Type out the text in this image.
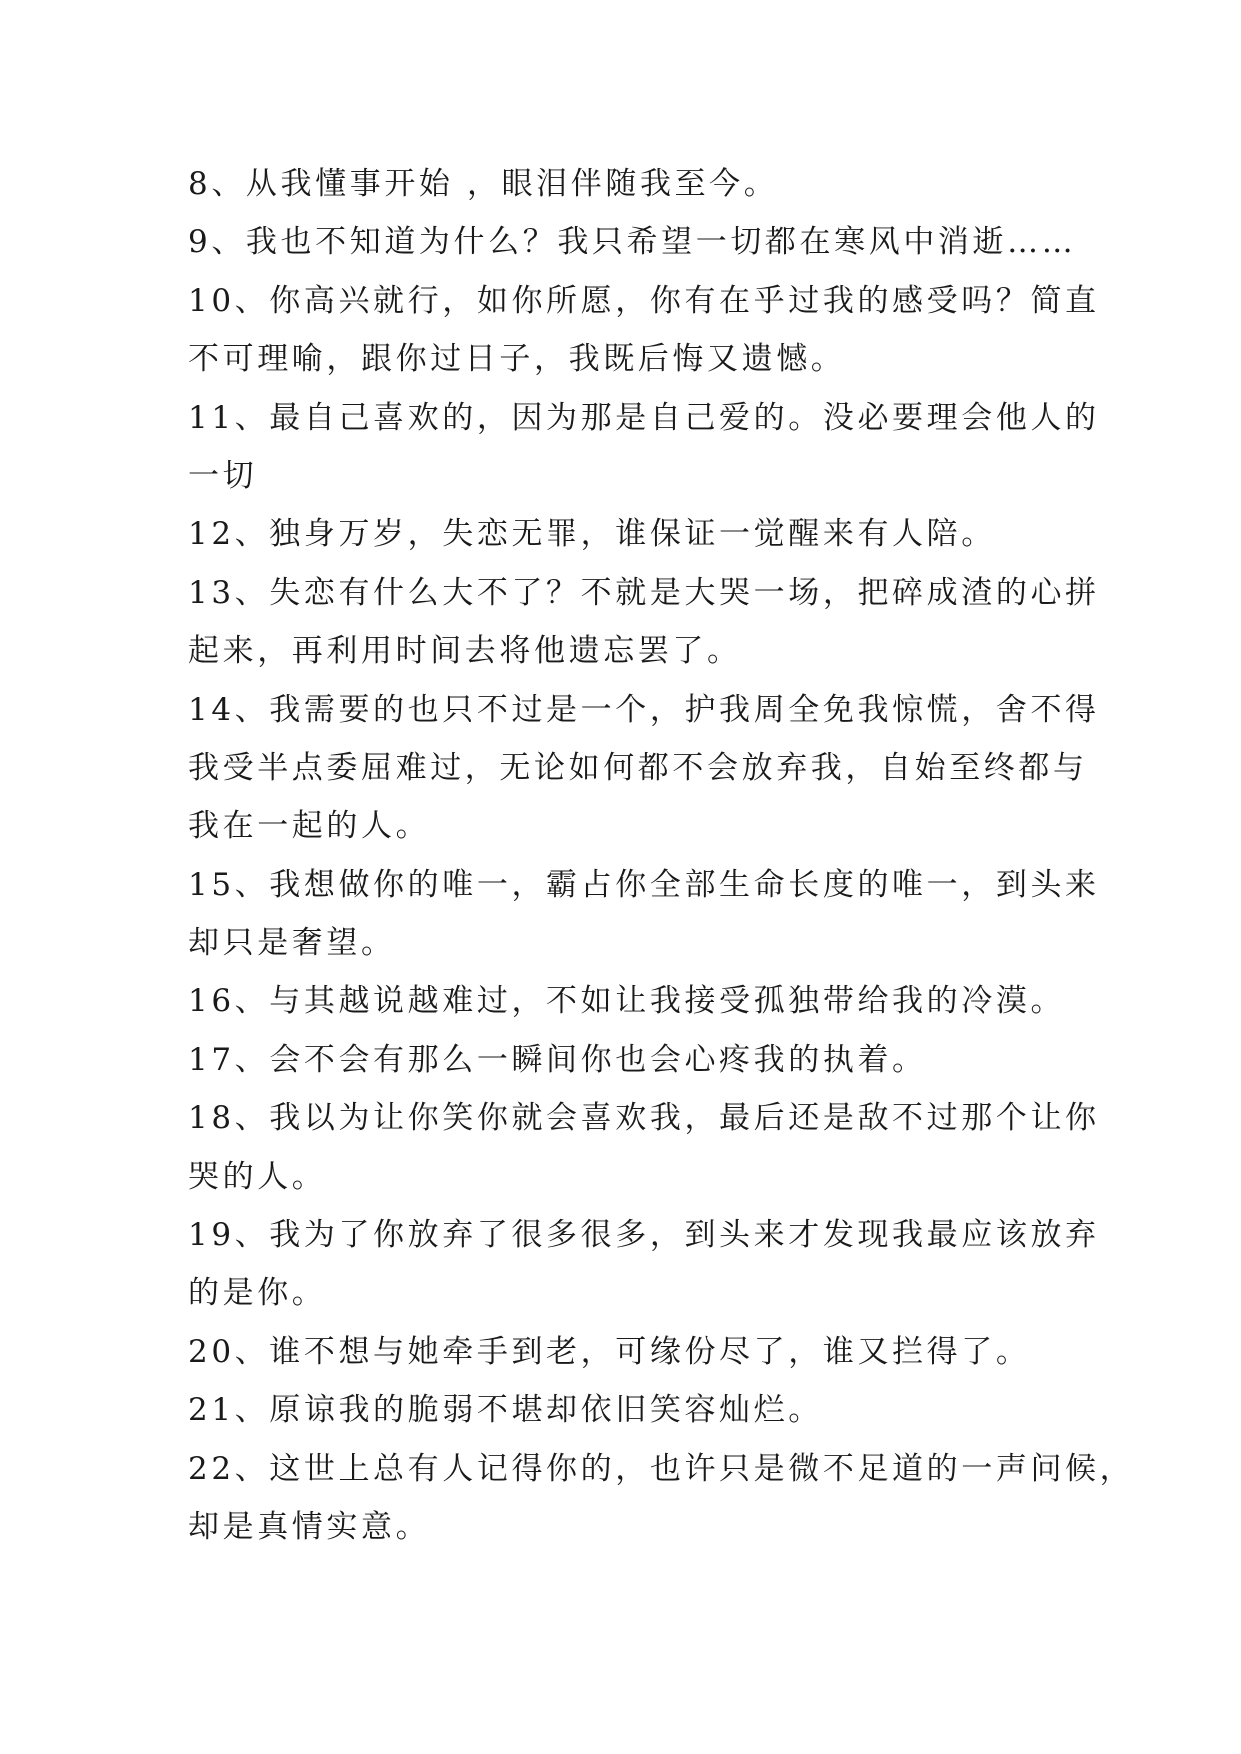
8、从我懂事开始 ，眼泪伴随我至今。
9、我也不知道为什么？我只希望一切都在寒风中消逝……
10、你高兴就行，如你所愿，你有在乎过我的感受吗？简直
不可理喻，跟你过日子，我既后悔又遗憾。
11、最自己喜欢的，因为那是自己爱的。没必要理会他人的
一切
12、独身万岁，失恋无罪，谁保证一觉醒来有人陪。
13、失恋有什么大不了？不就是大哭一场，把碎成渣的心拼
起来，再利用时间去将他遗忘罢了。
14、我需要的也只不过是一个，护我周全免我惊慌，舍不得
我受半点委屈难过，无论如何都不会放弃我，自始至终都与
我在一起的人。
15、我想做你的唯一，霸占你全部生命长度的唯一，到头来
却只是奢望。
16、与其越说越难过，不如让我接受孤独带给我的冷漠。
17、会不会有那么一瞬间你也会心疼我的执着。
18、我以为让你笑你就会喜欢我，最后还是敌不过那个让你
哭的人。
19、我为了你放弃了很多很多，到头来才发现我最应该放弃
的是你。
20、谁不想与她牵手到老，可缘份尽了，谁又拦得了。
21、原谅我的脆弱不堪却依旧笑容灿烂。
22、这世上总有人记得你的，也许只是微不足道的一声问候，
却是真情实意。
